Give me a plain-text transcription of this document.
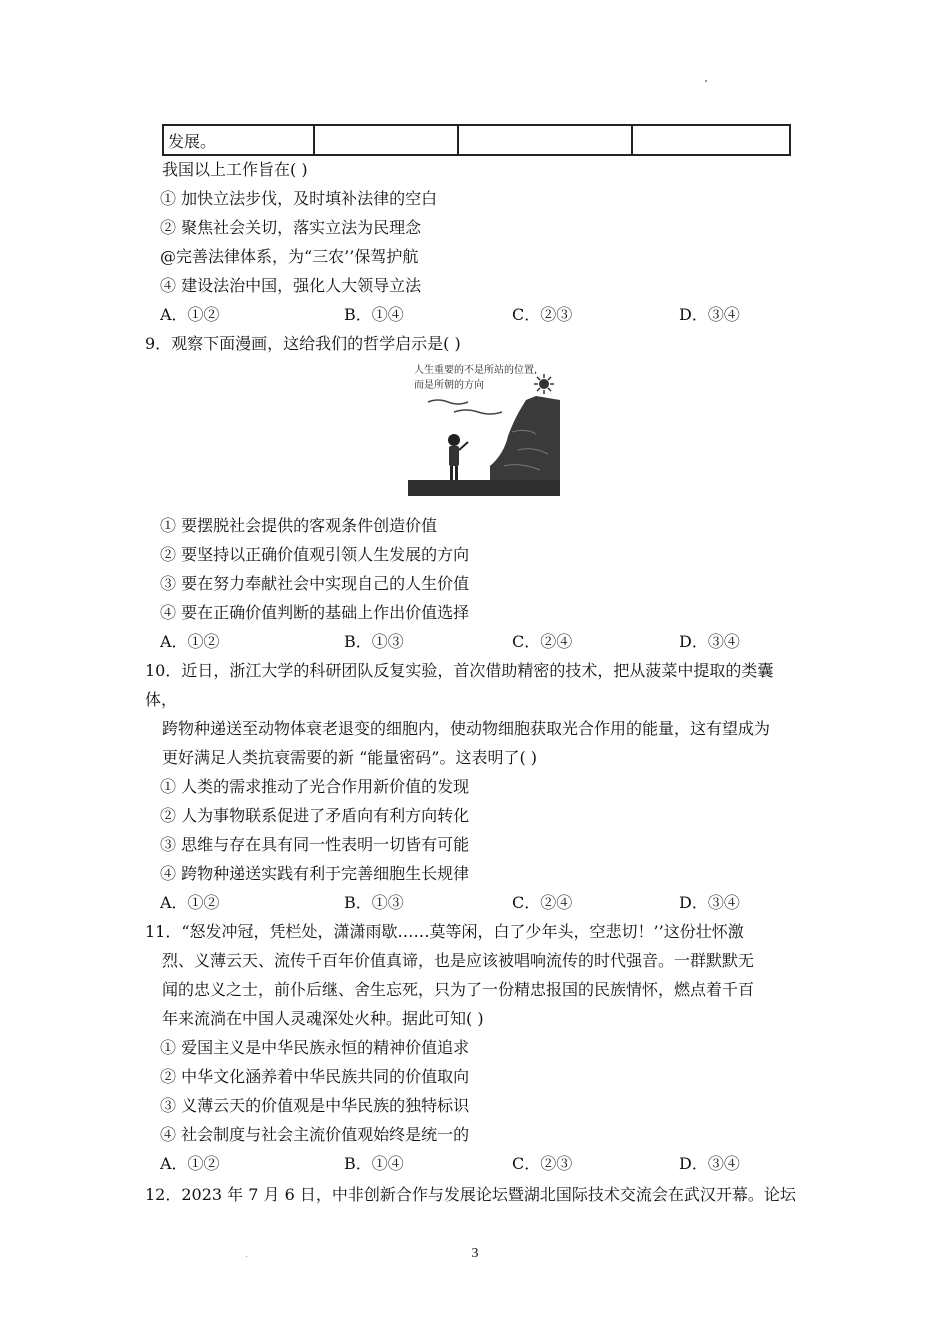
发展。			
我国以上工作旨在( )
① 加快立法步伐，及时填补法律的空白
② 聚焦社会关切，落实立法为民理念
@完善法律体系，为“三农’’保驾护航
④ 建设法治中国，强化人大领导立法
A．①②	B．①④	C．②③	D．③④
9．观察下面漫画，这给我们的哲学启示是( )
人生重要的不是所站的位置,
而是所朝的方向
① 要摆脱社会提供的客观条件创造价值
② 要坚持以正确价值观引领人生发展的方向
③ 要在努力奉献社会中实现自己的人生价值
④ 要在正确价值判断的基础上作出价值选择
A．①②	B．①③	C．②④	D．③④
10．近日，浙江大学的科研团队反复实验，首次借助精密的技术，把从菠菜中提取的类囊
体，
跨物种递送至动物体衰老退变的细胞内，使动物细胞获取光合作用的能量，这有望成为
更好满足人类抗衰需要的新 “能量密码”。这表明了( )
① 人类的需求推动了光合作用新价值的发现
② 人为事物联系促进了矛盾向有利方向转化
③ 思维与存在具有同一性表明一切皆有可能
④ 跨物种递送实践有利于完善细胞生长规律
A．①②	B．①③	C．②④	D．③④
11．“怒发冲冠，凭栏处，潇潇雨歇……莫等闲，白了少年头，空悲切！’’这份壮怀激
烈、义薄云天、流传千百年价值真谛，也是应该被唱响流传的时代强音。一群默默无
闻的忠义之士，前仆后继、舍生忘死，只为了一份精忠报国的民族情怀，燃点着千百
年来流淌在中国人灵魂深处火种。据此可知( )
① 爱国主义是中华民族永恒的精神价值追求
② 中华文化涵养着中华民族共同的价值取向
③ 义薄云天的价值观是中华民族的独特标识
④ 社会制度与社会主流价值观始终是统一的
A．①②	B．①④	C．②③	D．③④
12．2023 年 7 月 6 日，中非创新合作与发展论坛暨湖北国际技术交流会在武汉开幕。论坛
3
